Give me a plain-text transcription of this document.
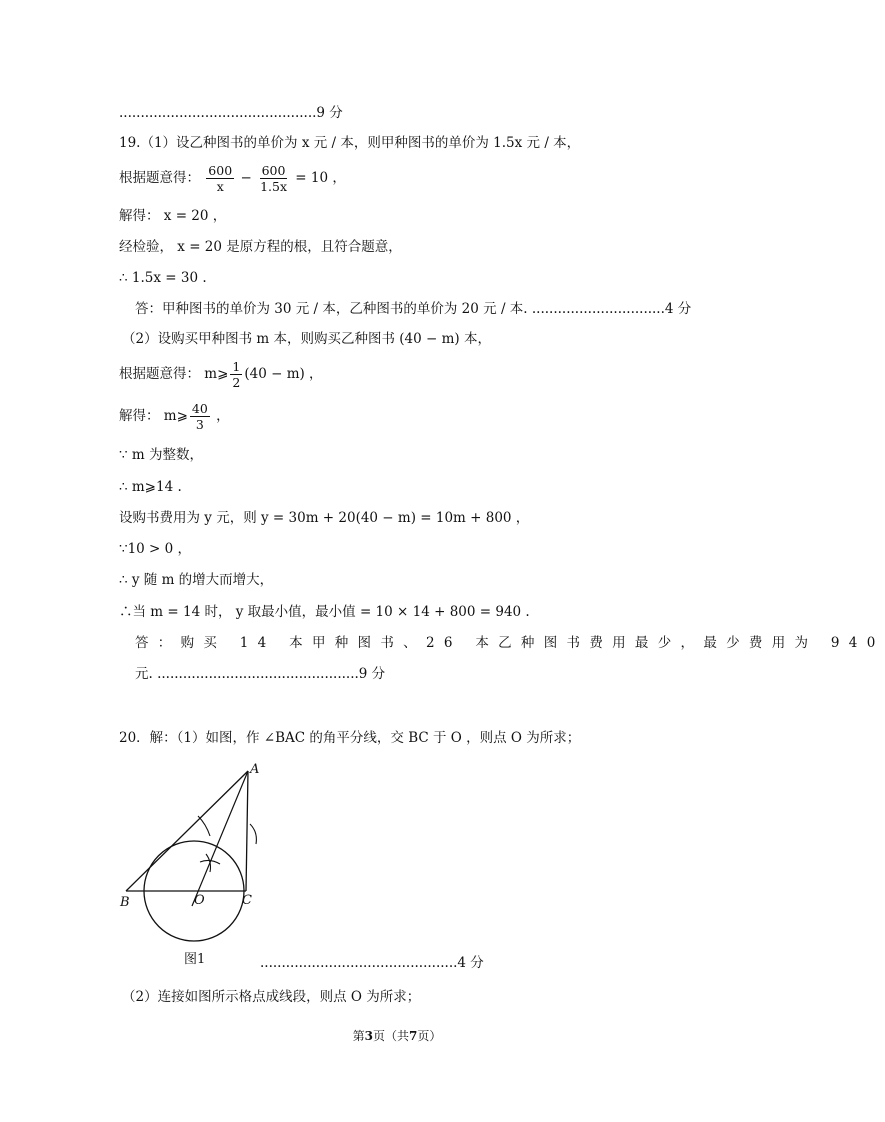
..............................................9 分
19.（1）设乙种图书的单价为 x 元 / 本，则甲种图书的单价为 1.5x 元 / 本，
根据题意得： $\frac{600}{x} - \frac{600}{1.5x} = 10$ ，
解得： x = 20 ，
经检验， x = 20 是原方程的根，且符合题意，
∴ 1.5x = 30 .
答：甲种图书的单价为 30 元 / 本，乙种图书的单价为 20 元 / 本. ...............................4 分
（2）设购买甲种图书 m 本，则购买乙种图书 (40 − m) 本，
根据题意得： m⩾ $\frac{1}{2} (40 - m)$ ，
解得： m⩾ $\frac{40}{3}$ ，
∵ m 为整数，
∴ m⩾14 .
设购书费用为 y 元，则 y = 30m + 20(40 − m) = 10m + 800 ，
∵10 > 0 ，
∴ y 随 m 的增大而增大，
∴当 m = 14 时， y 取最小值，最小值 = 10 × 14 + 800 = 940 .
答：购买 14 本甲种图书、26 本乙种图书费用最少，最少费用为 940
元. ...............................................9 分
20．解：（1）如图，作 ∠BAC 的角平分线，交 BC 于 O ，则点 O 为所求；
A
B	O	C
图1	..............................................4 分
（2）连接如图所示格点成线段，则点 O 为所求；
第3页（共7页）
